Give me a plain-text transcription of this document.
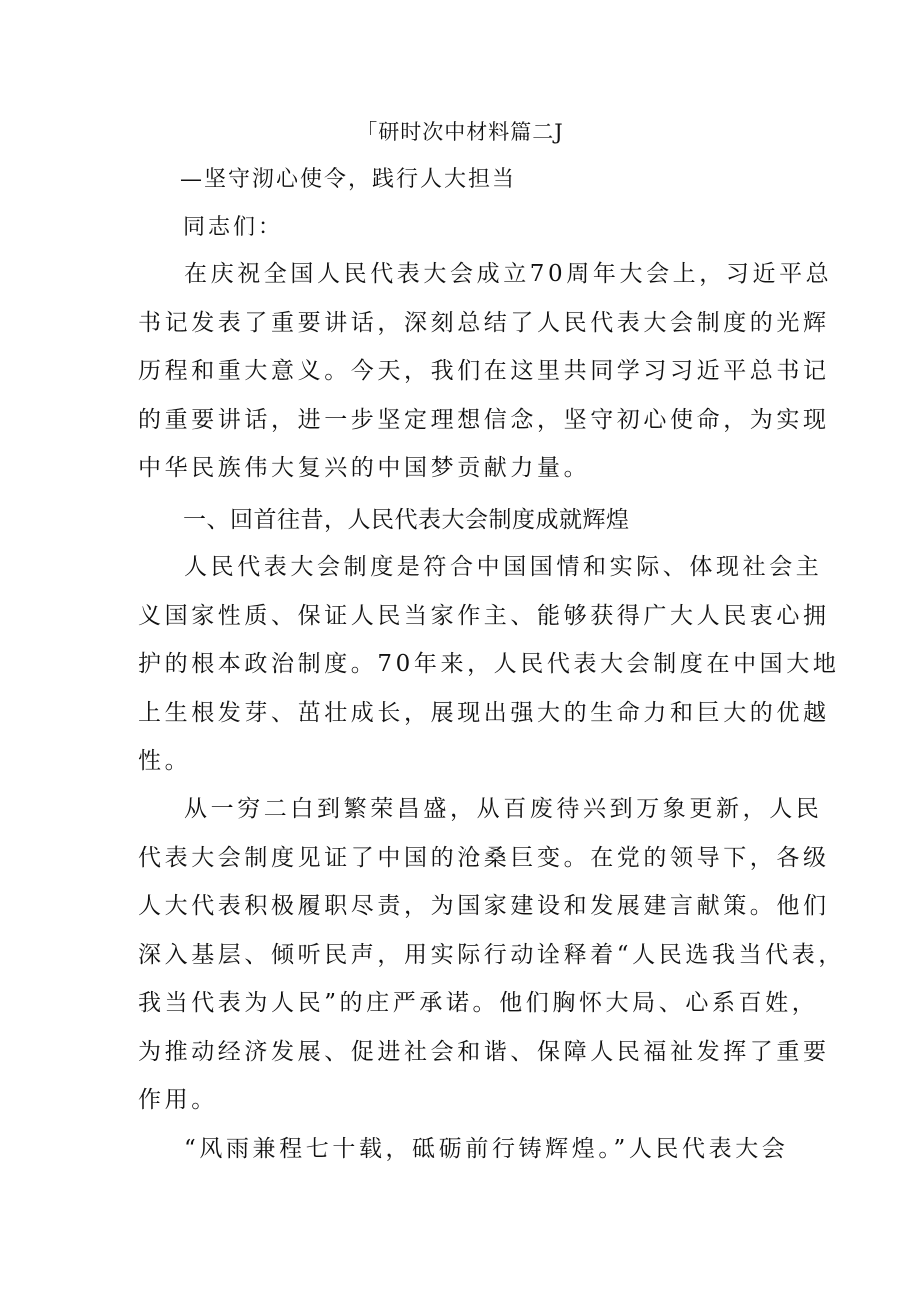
「研时次中材料篇二J
—坚守沏心使令，践行人大担当
同志们：
在庆祝全国人民代表大会成立70周年大会上，习近平总
书记发表了重要讲话，深刻总结了人民代表大会制度的光辉
历程和重大意义。今天，我们在这里共同学习习近平总书记
的重要讲话，进一步坚定理想信念，坚守初心使命，为实现
中华民族伟大复兴的中国梦贡献力量。
一、回首往昔，人民代表大会制度成就辉煌
人民代表大会制度是符合中国国情和实际、体现社会主
义国家性质、保证人民当家作主、能够获得广大人民衷心拥
护的根本政治制度。70年来，人民代表大会制度在中国大地
上生根发芽、茁壮成长，展现出强大的生命力和巨大的优越
性。
从一穷二白到繁荣昌盛，从百废待兴到万象更新，人民
代表大会制度见证了中国的沧桑巨变。在党的领导下，各级
人大代表积极履职尽责，为国家建设和发展建言献策。他们
深入基层、倾听民声，用实际行动诠释着“人民选我当代表，
我当代表为人民”的庄严承诺。他们胸怀大局、心系百姓，
为推动经济发展、促进社会和谐、保障人民福祉发挥了重要
作用。
“风雨兼程七十载，砥砺前行铸辉煌。”人民代表大会
